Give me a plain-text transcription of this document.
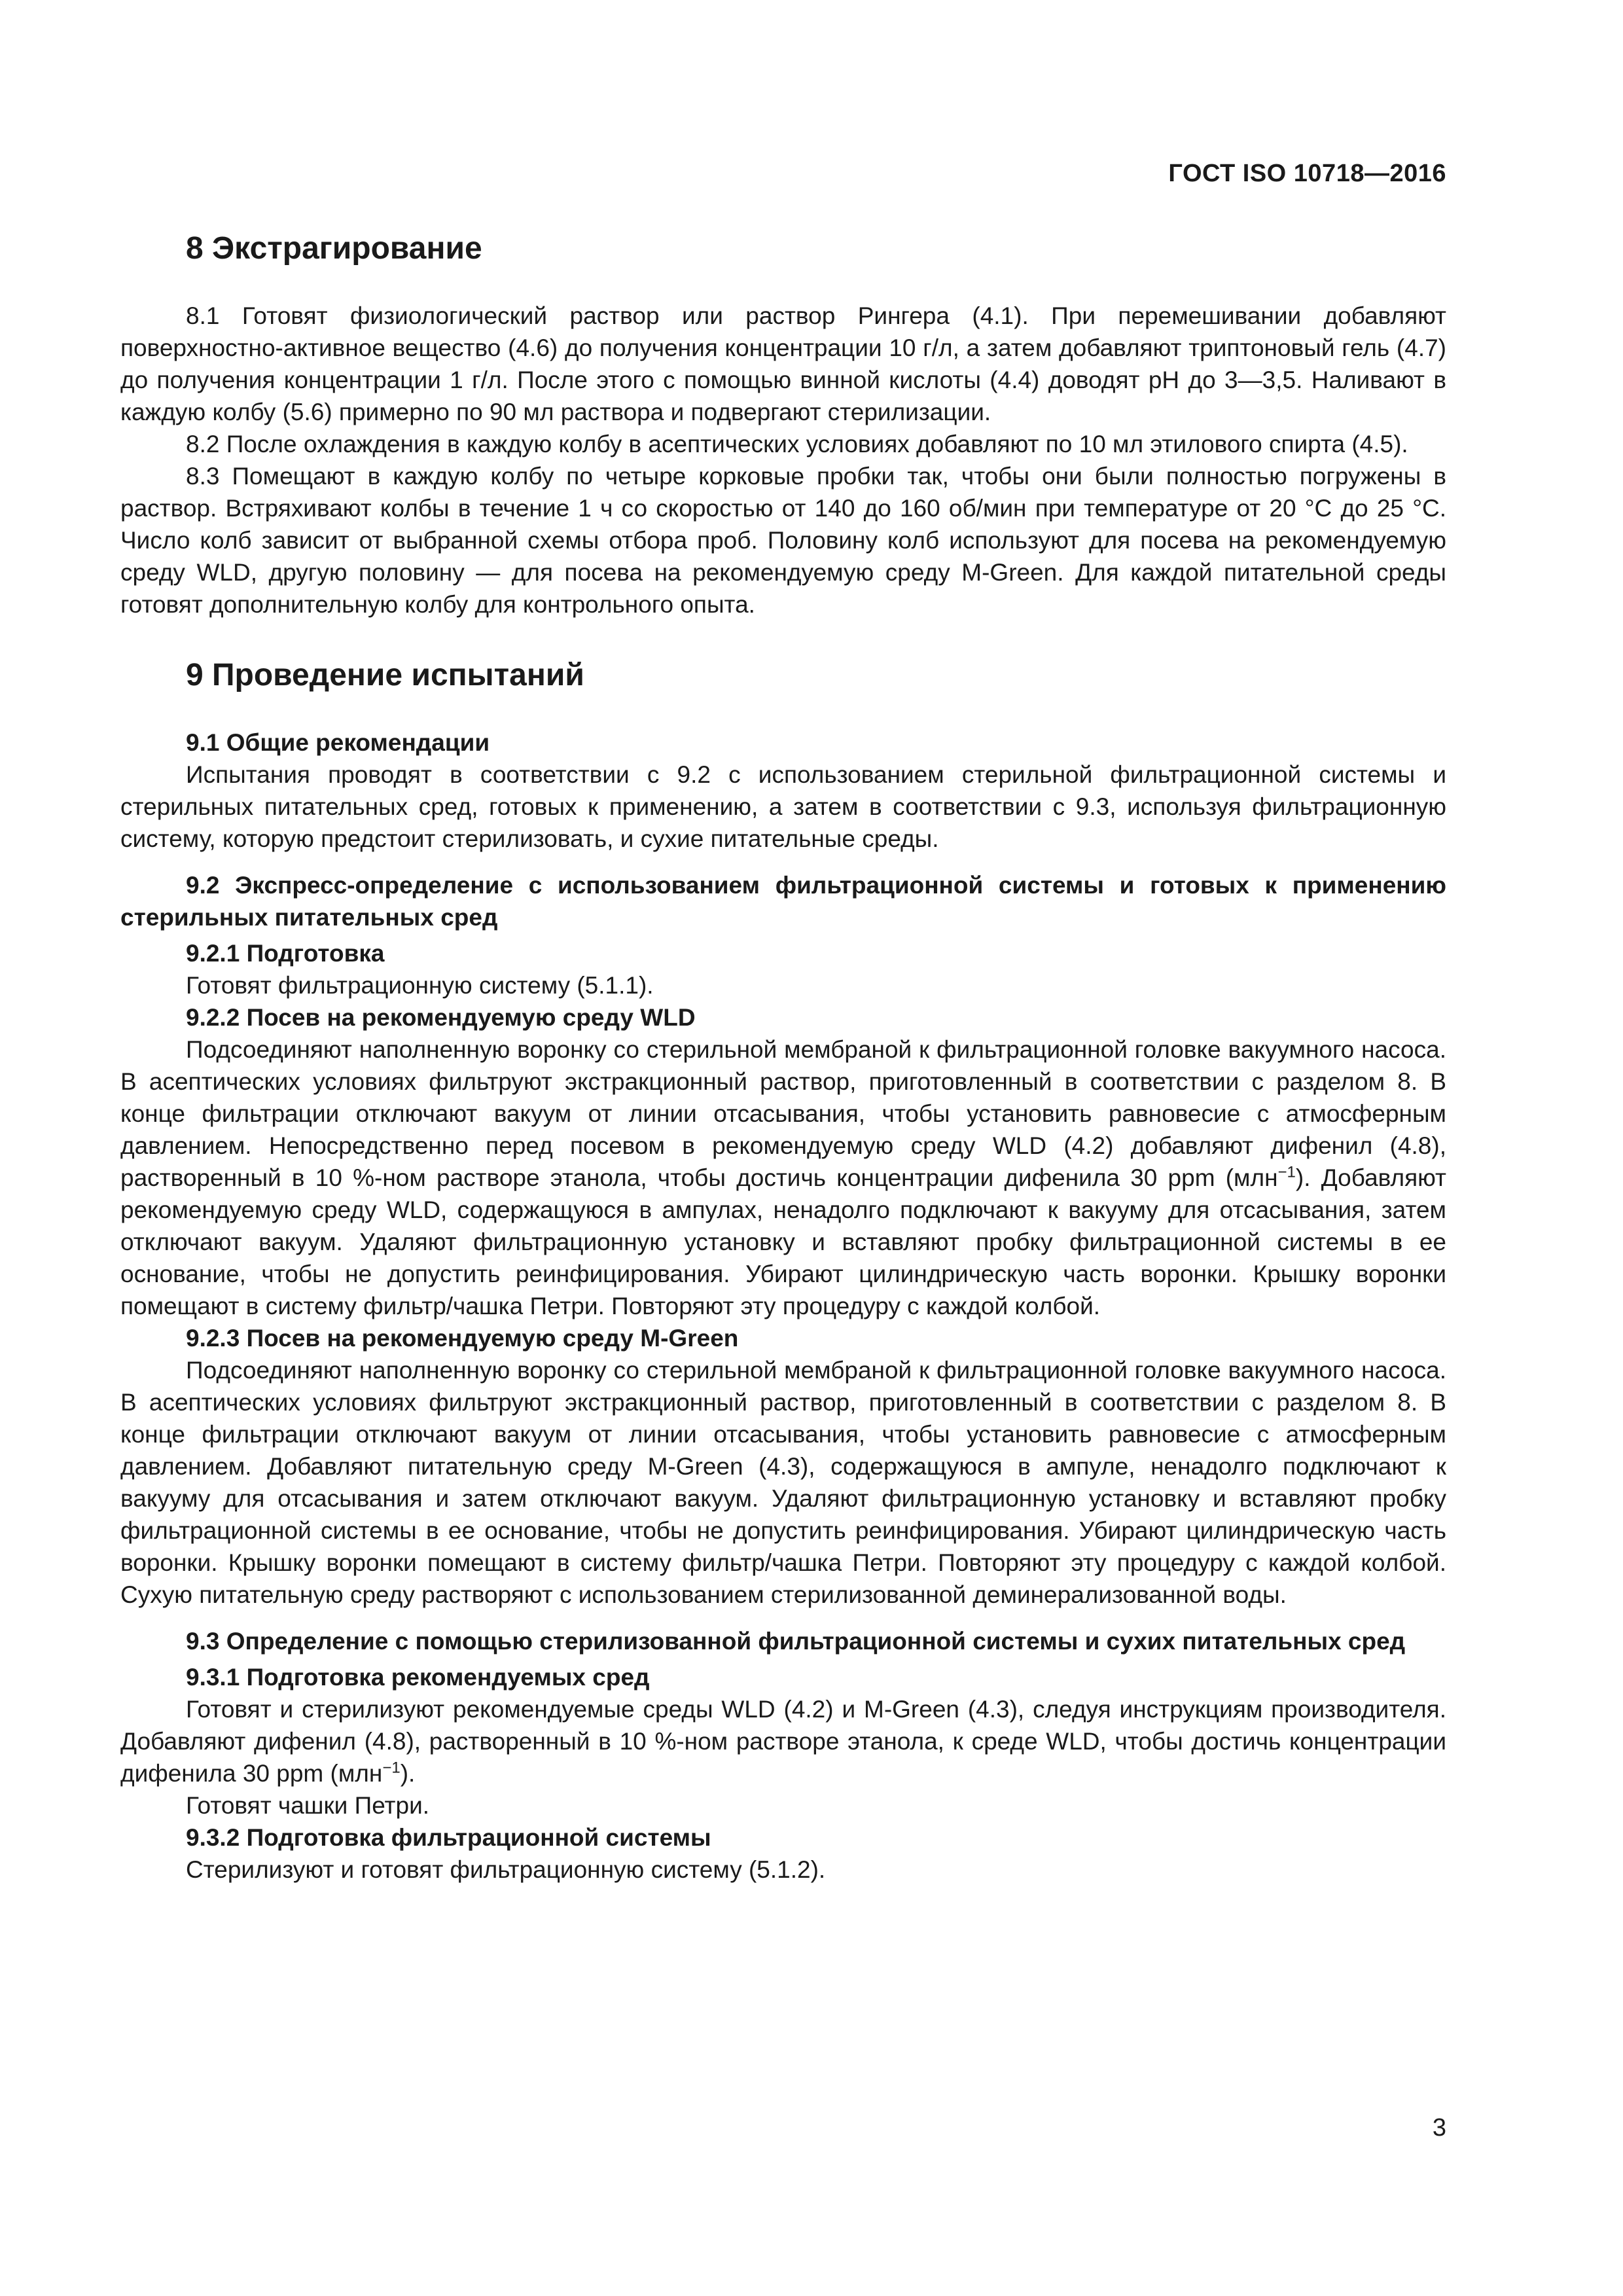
ГОСТ ISO 10718—2016
8 Экстрагирование

8.1 Готовят физиологический раствор или раствор Рингера (4.1). При перемешивании добавляют поверхностно-активное вещество (4.6) до получения концентрации 10 г/л, а затем добавляют триптоновый гель (4.7) до получения концентрации 1 г/л. После этого с помощью винной кислоты (4.4) доводят pH до 3—3,5. Наливают в каждую колбу (5.6) примерно по 90 мл раствора и подвергают стерилизации.

8.2 После охлаждения в каждую колбу в асептических условиях добавляют по 10 мл этилового спирта (4.5).

8.3 Помещают в каждую колбу по четыре корковые пробки так, чтобы они были полностью погружены в раствор. Встряхивают колбы в течение 1 ч со скоростью от 140 до 160 об/мин при температуре от 20 °С до 25 °С. Число колб зависит от выбранной схемы отбора проб. Половину колб используют для посева на рекомендуемую среду WLD, другую половину — для посева на рекомендуемую среду M-Green. Для каждой питательной среды готовят дополнительную колбу для контрольного опыта.

9 Проведение испытаний
9.1 Общие рекомендации

Испытания проводят в соответствии с 9.2 с использованием стерильной фильтрационной системы и стерильных питательных сред, готовых к применению, а затем в соответствии с 9.3, используя фильтрационную систему, которую предстоит стерилизовать, и сухие питательные среды.

9.2 Экспресс-определение с использованием фильтрационной системы и готовых к применению стерильных питательных сред
9.2.1 Подготовка

Готовят фильтрационную систему (5.1.1).

9.2.2 Посев на рекомендуемую среду WLD

Подсоединяют наполненную воронку со стерильной мембраной к фильтрационной головке вакуумного насоса. В асептических условиях фильтруют экстракционный раствор, приготовленный в соответствии с разделом 8. В конце фильтрации отключают вакуум от линии отсасывания, чтобы установить равновесие с атмосферным давлением. Непосредственно перед посевом в рекомендуемую среду WLD (4.2) добавляют дифенил (4.8), растворенный в 10 %-ном растворе этанола, чтобы достичь концентрации дифенила 30 ppm (млн$^{-1}$). Добавляют рекомендуемую среду WLD, содержащуюся в ампулах, ненадолго подключают к вакууму для отсасывания, затем отключают вакуум. Удаляют фильтрационную установку и вставляют пробку фильтрационной системы в ее основание, чтобы не допустить реинфицирования. Убирают цилиндрическую часть воронки. Крышку воронки помещают в систему фильтр/чашка Петри. Повторяют эту процедуру с каждой колбой.

9.2.3 Посев на рекомендуемую среду M-Green

Подсоединяют наполненную воронку со стерильной мембраной к фильтрационной головке вакуумного насоса. В асептических условиях фильтруют экстракционный раствор, приготовленный в соответствии с разделом 8. В конце фильтрации отключают вакуум от линии отсасывания, чтобы установить равновесие с атмосферным давлением. Добавляют питательную среду M-Green (4.3), содержащуюся в ампуле, ненадолго подключают к вакууму для отсасывания и затем отключают вакуум. Удаляют фильтрационную установку и вставляют пробку фильтрационной системы в ее основание, чтобы не допустить реинфицирования. Убирают цилиндрическую часть воронки. Крышку воронки помещают в систему фильтр/чашка Петри. Повторяют эту процедуру с каждой колбой. Сухую питательную среду растворяют с использованием стерилизованной деминерализованной воды.

9.3 Определение с помощью стерилизованной фильтрационной системы и сухих питательных сред
9.3.1 Подготовка рекомендуемых сред

Готовят и стерилизуют рекомендуемые среды WLD (4.2) и M-Green (4.3), следуя инструкциям производителя. Добавляют дифенил (4.8), растворенный в 10 %-ном растворе этанола, к среде WLD, чтобы достичь концентрации дифенила 30 ppm (млн$^{-1}$).

Готовят чашки Петри.

9.3.2 Подготовка фильтрационной системы

Стерилизуют и готовят фильтрационную систему (5.1.2).

3
